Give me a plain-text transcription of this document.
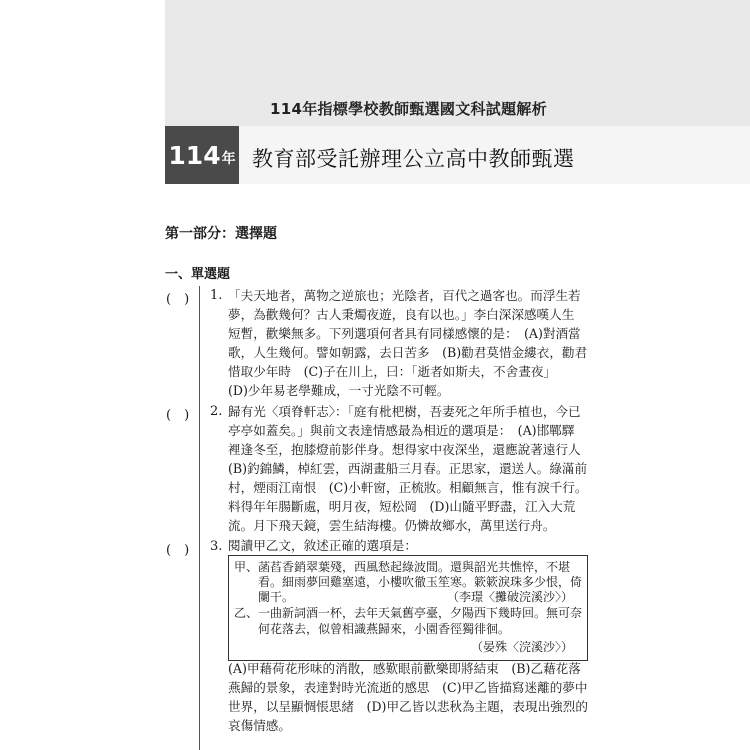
114年指標學校教師甄選國文科試題解析
114 年 教育部受託辦理公立高中教師甄選
第一部分：選擇題
一、單選題
(　) 1. 「夫天地者，萬物之逆旅也；光陰者，百代之過客也。而浮生若
夢，為歡幾何？古人秉燭夜遊，良有以也。」李白深深感嘆人生
短暫，歡樂無多。下列選項何者具有同樣感懷的是：　(A)對酒當
歌，人生幾何。譬如朝露，去日苦多　(B)勸君莫惜金縷衣，勸君
惜取少年時　(C)子在川上，曰：「逝者如斯夫，不舍晝夜」
(D)少年易老學難成，一寸光陰不可輕。
(　) 2. 歸有光〈項脊軒志〉：「庭有枇杷樹，吾妻死之年所手植也，今已
亭亭如蓋矣。」與前文表達情感最為相近的選項是：　(A)邯鄲驛
裡逢冬至，抱膝燈前影伴身。想得家中夜深坐，還應說著遠行人
(B)釣錦鱗，棹紅雲，西湖畫船三月春。正思家，還送人。綠滿前
村，煙雨江南恨　(C)小軒窗，正梳妝。相顧無言，惟有淚千行。
料得年年腸斷處，明月夜，短松岡　(D)山隨平野盡，江入大荒
流。月下飛天鏡，雲生結海樓。仍憐故鄉水，萬里送行舟。
(　) 3. 閱讀甲乙文，敘述正確的選項是：
甲、菡萏香銷翠葉殘，西風愁起綠波間。還與韶光共憔悴，不堪
看。細雨夢回雞塞遠，小樓吹徹玉笙寒。簌簌淚珠多少恨，倚
闌干。	（李璟〈攤破浣溪沙〉）
乙、一曲新詞酒一杯，去年天氣舊亭臺，夕陽西下幾時回。無可奈
何花落去，似曾相識燕歸來，小園香徑獨徘徊。
（晏殊〈浣溪沙〉）
(A)甲藉荷花形味的消散，感歎眼前歡樂即將結束　(B)乙藉花落
燕歸的景象，表達對時光流逝的感思　(C)甲乙皆描寫迷離的夢中
世界，以呈顯惆悵思緒　(D)甲乙皆以悲秋為主題，表現出強烈的
哀傷情感。
